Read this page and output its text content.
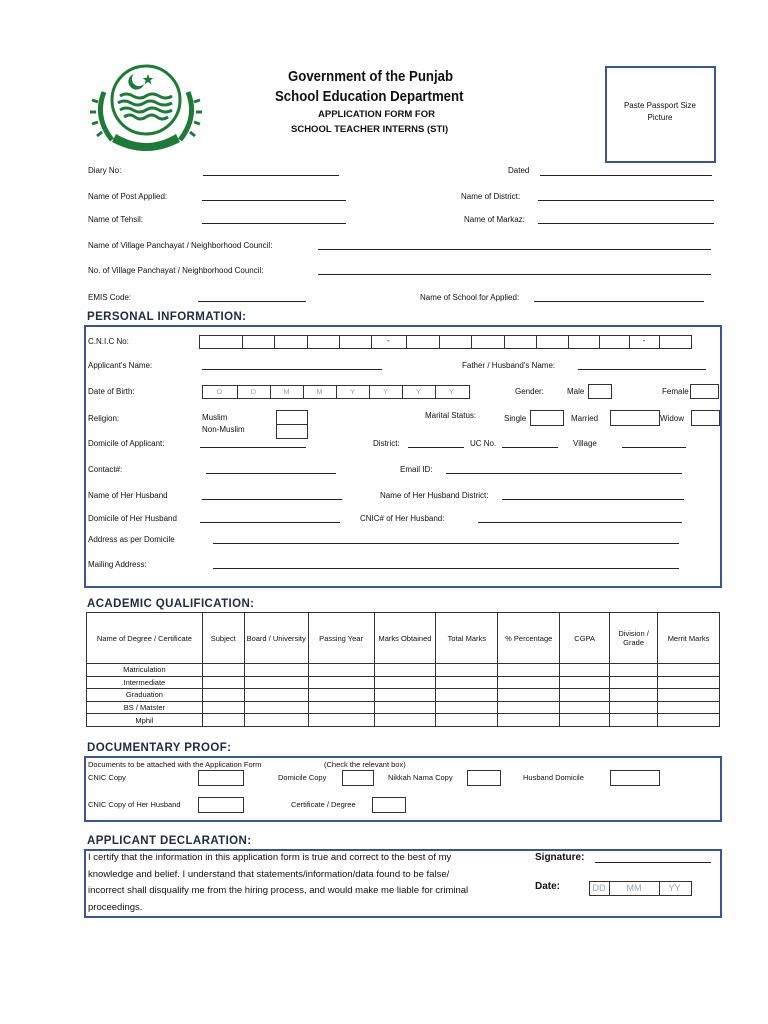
Government of the Punjab
School Education Department
APPLICATION FORM FOR
SCHOOL TEACHER INTERNS (STI)
Paste Passport Size Picture
Diary No:	Dated
Name of Post Applied:	Name of District:
Name of Tehsil:	Name of Markaz:
Name of Village Panchayat / Neighborhood Council:
No. of Village Panchayat / Neighborhood Council:
EMIS Code:	Name of School for Applied:
PERSONAL INFORMATION:
C.N.I.C No:	-	-
Applicant's Name:	Father / Husband's Name:
Date of Birth:	D	D	M	M	Y	Y	Y	Y	Gender:	Male	Female
Religion:	Muslim
Non-Muslim
Marital Status:	Single	Married	Widow
Domicile of Applicant:	District:	UC No.	Village
Contact#:	Email ID:
Name of Her Husband	Name of Her Husband District:
Domicile of Her Husband	CNIC# of Her Husband:
Address as per Domicile
Mailing Address:
ACADEMIC QUALIFICATION:
Name of Degree / Certificate	Subject	Board / University	Passing Year	Marks Obtained	Total Marks	% Percentage	CGPA	Division / Grade	Merrit Marks
Matriculation									
Intermediate									
Graduation									
BS / Matster									
Mphil									
DOCUMENTARY PROOF:
Documents to be attached with the Application Form	(Check the relevant box)
CNIC Copy	Domicile Copy	Nikkah Nama Copy	Husband Domicile
CNIC Copy of Her Husband	Certificate / Degree
APPLICANT DECLARATION:
I certify that the information in this application form is true and correct to the best of my
knowledge and belief. I understand that statements/information/data found to be false/
incorrect shall disqualify me from the hiring process, and would make me liable for criminal
proceedings.
Signature:
Date:	DD	MM	YY
